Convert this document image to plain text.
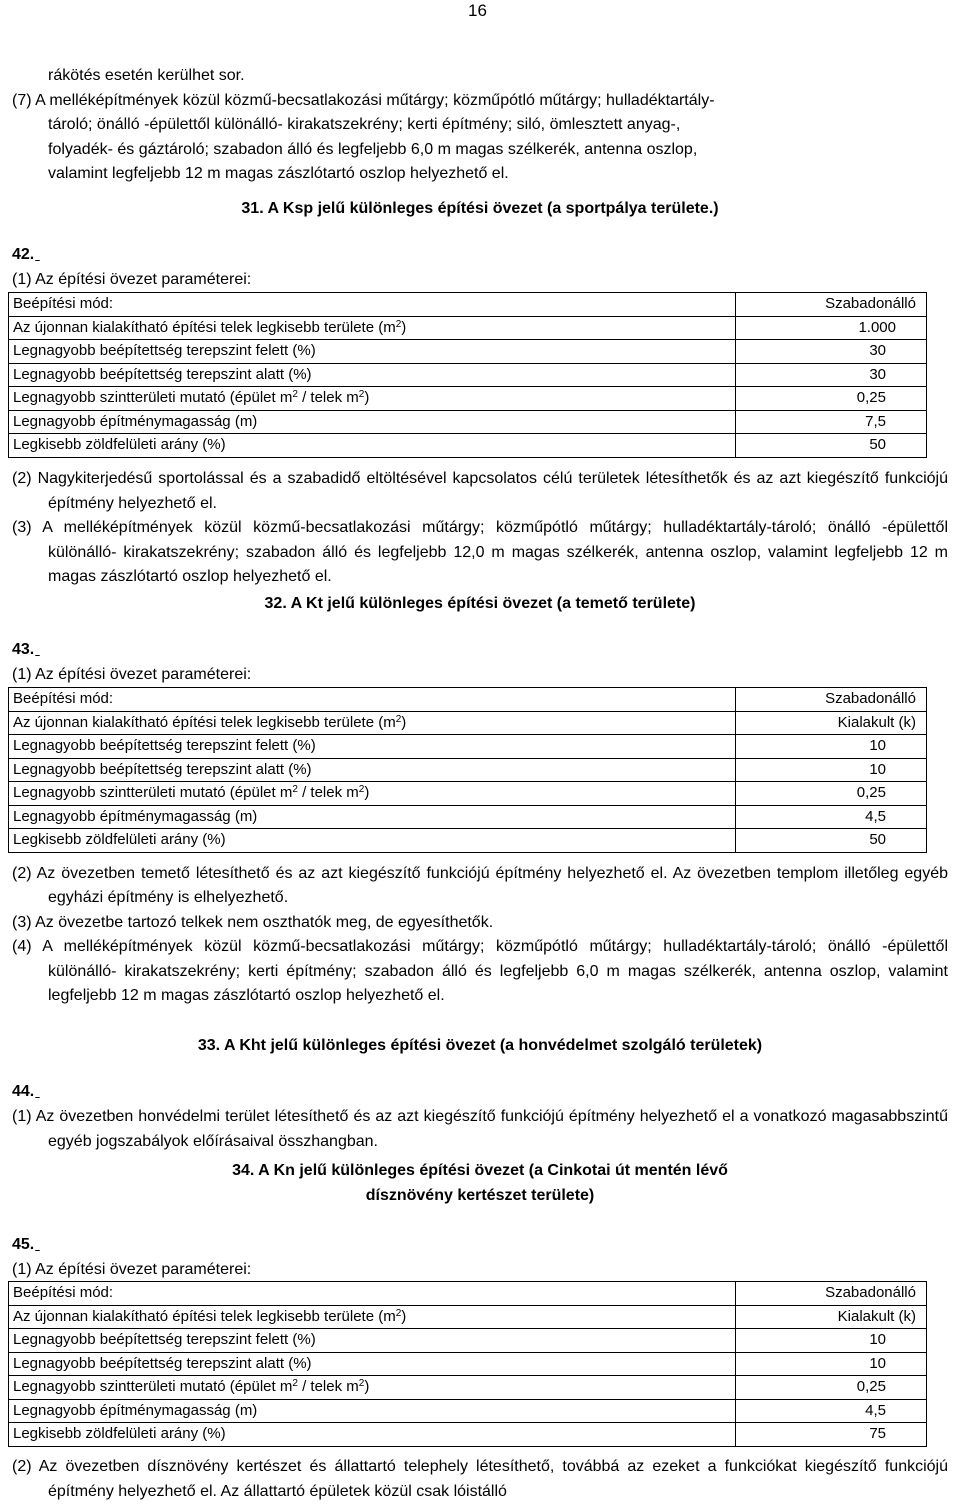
16
rákötés esetén kerülhet sor.
(7) A melléképítmények közül közmű-becsatlakozási műtárgy; közműpótló műtárgy; hulladéktartály-
tároló; önálló -épülettől különálló- kirakatszekrény; kerti építmény; siló, ömlesztett anyag-,
folyadék- és gáztároló; szabadon álló és legfeljebb 6,0 m magas szélkerék, antenna oszlop,
valamint legfeljebb 12 m magas zászlótartó oszlop helyezhető el.
31. A Ksp jelű különleges építési övezet (a sportpálya területe.)
42.
(1) Az építési övezet paraméterei:
Beépítési mód:	Szabadonálló
Az újonnan kialakítható építési telek legkisebb területe $(m^2)$	1.000
Legnagyobb beépítettség terepszint felett (%)	30
Legnagyobb beépítettség terepszint alatt (%)	30
Legnagyobb szintterületi mutató (épület $m^2$ / telek $m^2$)	0,25
Legnagyobb építménymagasság (m)	7,5
Legkisebb zöldfelületi arány (%)	50
(2) Nagykiterjedésű sportolással és a szabadidő eltöltésével kapcsolatos célú területek létesíthetők és az azt kiegészítő funkciójú építmény helyezhető el.
(3) A melléképítmények közül közmű-becsatlakozási műtárgy; közműpótló műtárgy; hulladéktartály-tároló; önálló -épülettől különálló- kirakatszekrény; szabadon álló és legfeljebb 12,0 m magas szélkerék, antenna oszlop, valamint legfeljebb 12 m magas zászlótartó oszlop helyezhető el.
32. A Kt jelű különleges építési övezet (a temető területe)
43.
(1) Az építési övezet paraméterei:
Beépítési mód:	Szabadonálló
Az újonnan kialakítható építési telek legkisebb területe $(m^2)$	Kialakult (k)
Legnagyobb beépítettség terepszint felett (%)	10
Legnagyobb beépítettség terepszint alatt (%)	10
Legnagyobb szintterületi mutató (épület $m^2$ / telek $m^2$)	0,25
Legnagyobb építménymagasság (m)	4,5
Legkisebb zöldfelületi arány (%)	50
(2) Az övezetben temető létesíthető és az azt kiegészítő funkciójú építmény helyezhető el. Az övezetben templom illetőleg egyéb egyházi építmény is elhelyezhető.
(3) Az övezetbe tartozó telkek nem oszthatók meg, de egyesíthetők.
(4) A melléképítmények közül közmű-becsatlakozási műtárgy; közműpótló műtárgy; hulladéktartály-tároló; önálló -épülettől különálló- kirakatszekrény; kerti építmény; szabadon álló és legfeljebb 6,0 m magas szélkerék, antenna oszlop, valamint legfeljebb 12 m magas zászlótartó oszlop helyezhető el.
33. A Kht jelű különleges építési övezet (a honvédelmet szolgáló területek)
44.
(1) Az övezetben honvédelmi terület létesíthető és az azt kiegészítő funkciójú építmény helyezhető el a vonatkozó magasabbszintű egyéb jogszabályok előírásaival összhangban.
34. A Kn jelű különleges építési övezet (a Cinkotai út mentén lévő
dísznövény kertészet területe)
45.
(1) Az építési övezet paraméterei:
Beépítési mód:	Szabadonálló
Az újonnan kialakítható építési telek legkisebb területe $(m^2)$	Kialakult (k)
Legnagyobb beépítettség terepszint felett (%)	10
Legnagyobb beépítettség terepszint alatt (%)	10
Legnagyobb szintterületi mutató (épület $m^2$ / telek $m^2$)	0,25
Legnagyobb építménymagasság (m)	4,5
Legkisebb zöldfelületi arány (%)	75
(2) Az övezetben dísznövény kertészet és állattartó telephely létesíthető, továbbá az ezeket a funkciókat kiegészítő funkciójú építmény helyezhető el. Az állattartó épületek közül csak lóistálló
